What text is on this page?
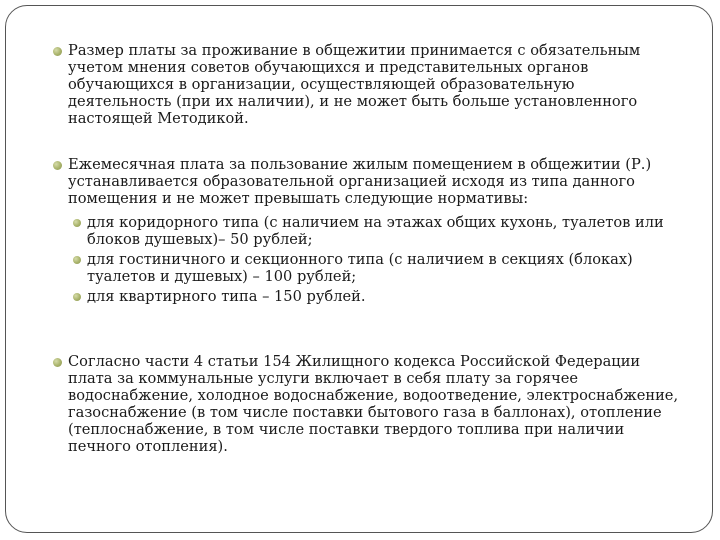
Размер платы за проживание в общежитии принимается с обязательным учетом мнения советов обучающихся и представительных органов обучающихся в организации, осуществляющей образовательную деятельность (при их наличии), и не может быть больше установленного настоящей Методикой.
Ежемесячная плата за пользование жилым помещением в общежитии (Р.) устанавливается образовательной организацией исходя из типа данного помещения и не может превышать следующие нормативы:
для коридорного типа (с наличием на этажах общих кухонь, туалетов или блоков душевых)– 50 рублей;
для гостиничного и секционного типа (с наличием в секциях (блоках) туалетов и душевых) – 100 рублей;
для квартирного типа – 150 рублей.
Согласно части 4 статьи 154 Жилищного кодекса Российской Федерации плата за коммунальные услуги включает в себя плату за горячее водоснабжение, холодное водоснабжение, водоотведение, электроснабжение, газоснабжение (в том числе поставки бытового газа в баллонах), отопление (теплоснабжение, в том числе поставки твердого топлива при наличии печного отопления).
